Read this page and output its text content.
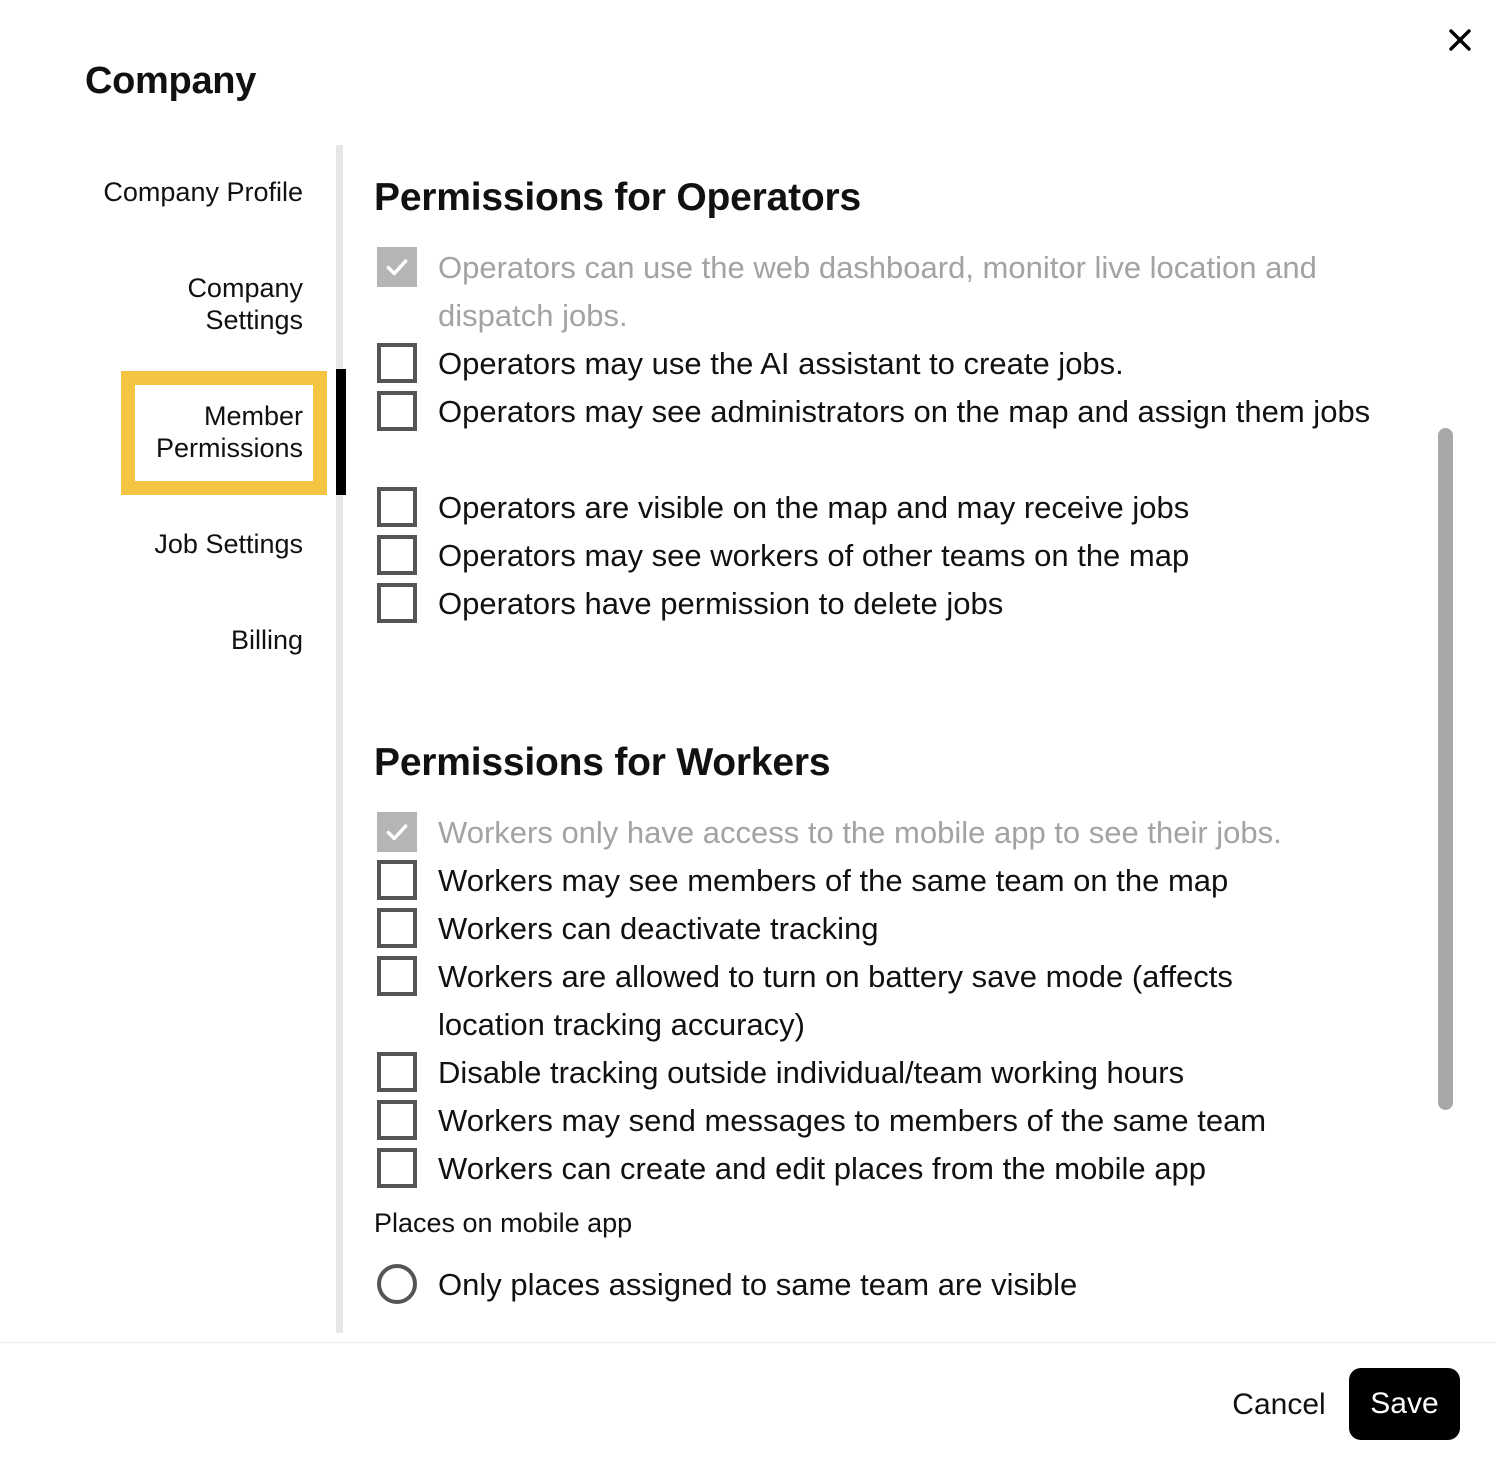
Company
Company Profile
Company Settings
Member Permissions
Job Settings
Billing
Permissions for Operators
Operators can use the web dashboard, monitor live location and dispatch jobs.
Operators may use the AI assistant to create jobs.
Operators may see administrators on the map and assign them jobs
Operators are visible on the map and may receive jobs
Operators may see workers of other teams on the map
Operators have permission to delete jobs
Permissions for Workers
Workers only have access to the mobile app to see their jobs.
Workers may see members of the same team on the map
Workers can deactivate tracking
Workers are allowed to turn on battery save mode (affects location tracking accuracy)
Disable tracking outside individual/team working hours
Workers may send messages to members of the same team
Workers can create and edit places from the mobile app
Places on mobile app
Only places assigned to same team are visible
Cancel	Save
